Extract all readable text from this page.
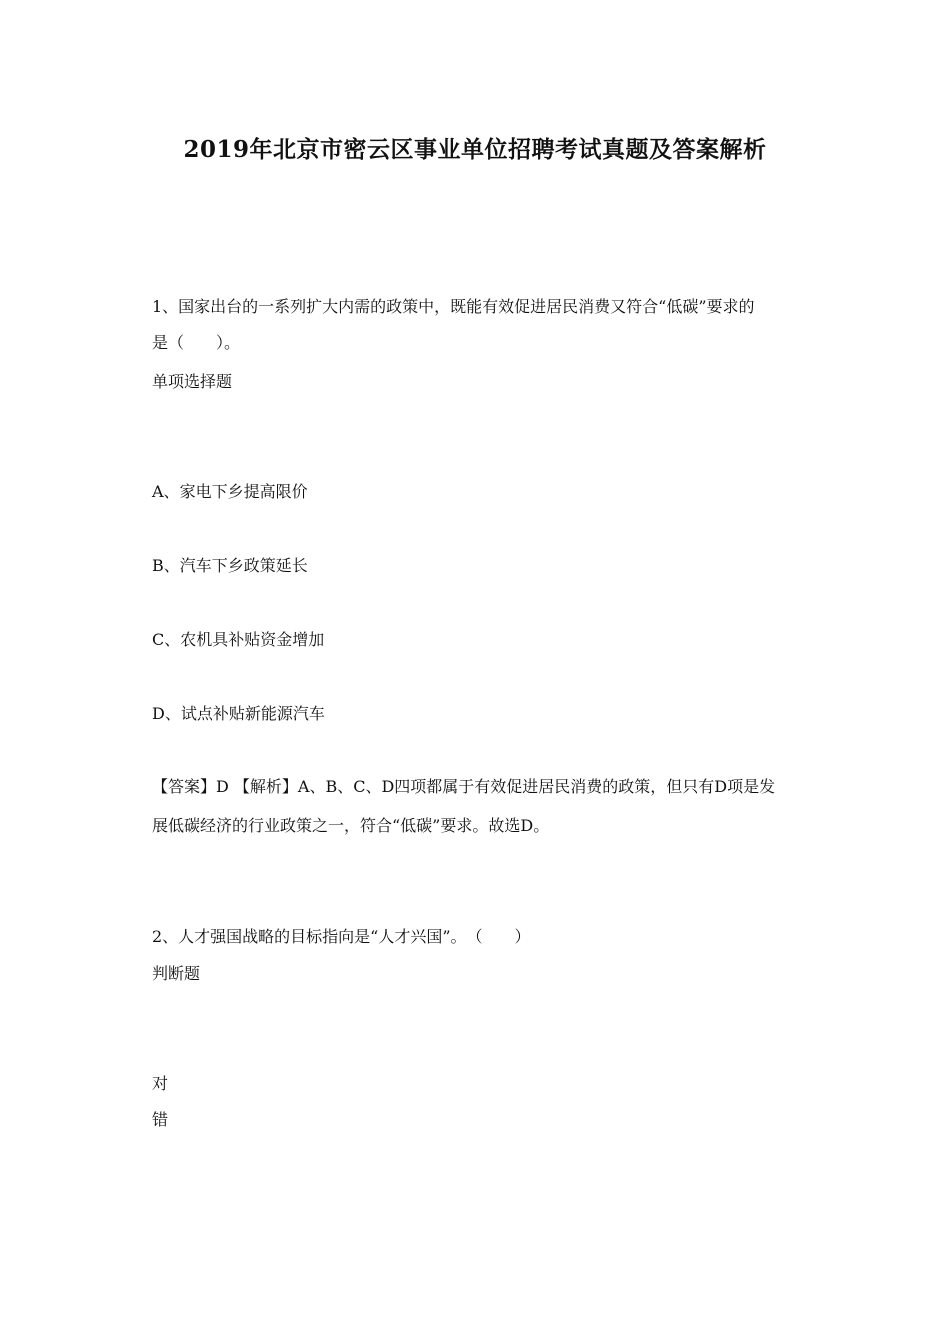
2019年北京市密云区事业单位招聘考试真题及答案解析
1、国家出台的一系列扩大内需的政策中，既能有效促进居民消费又符合“低碳”要求的
是（　　）。
单项选择题
A、家电下乡提高限价
B、汽车下乡政策延长
C、农机具补贴资金增加
D、试点补贴新能源汽车
【答案】D 【解析】A、B、C、D四项都属于有效促进居民消费的政策，但只有D项是发
展低碳经济的行业政策之一，符合“低碳”要求。故选D。
2、人才强国战略的目标指向是“人才兴国”。　（　　）
判断题
对
错
